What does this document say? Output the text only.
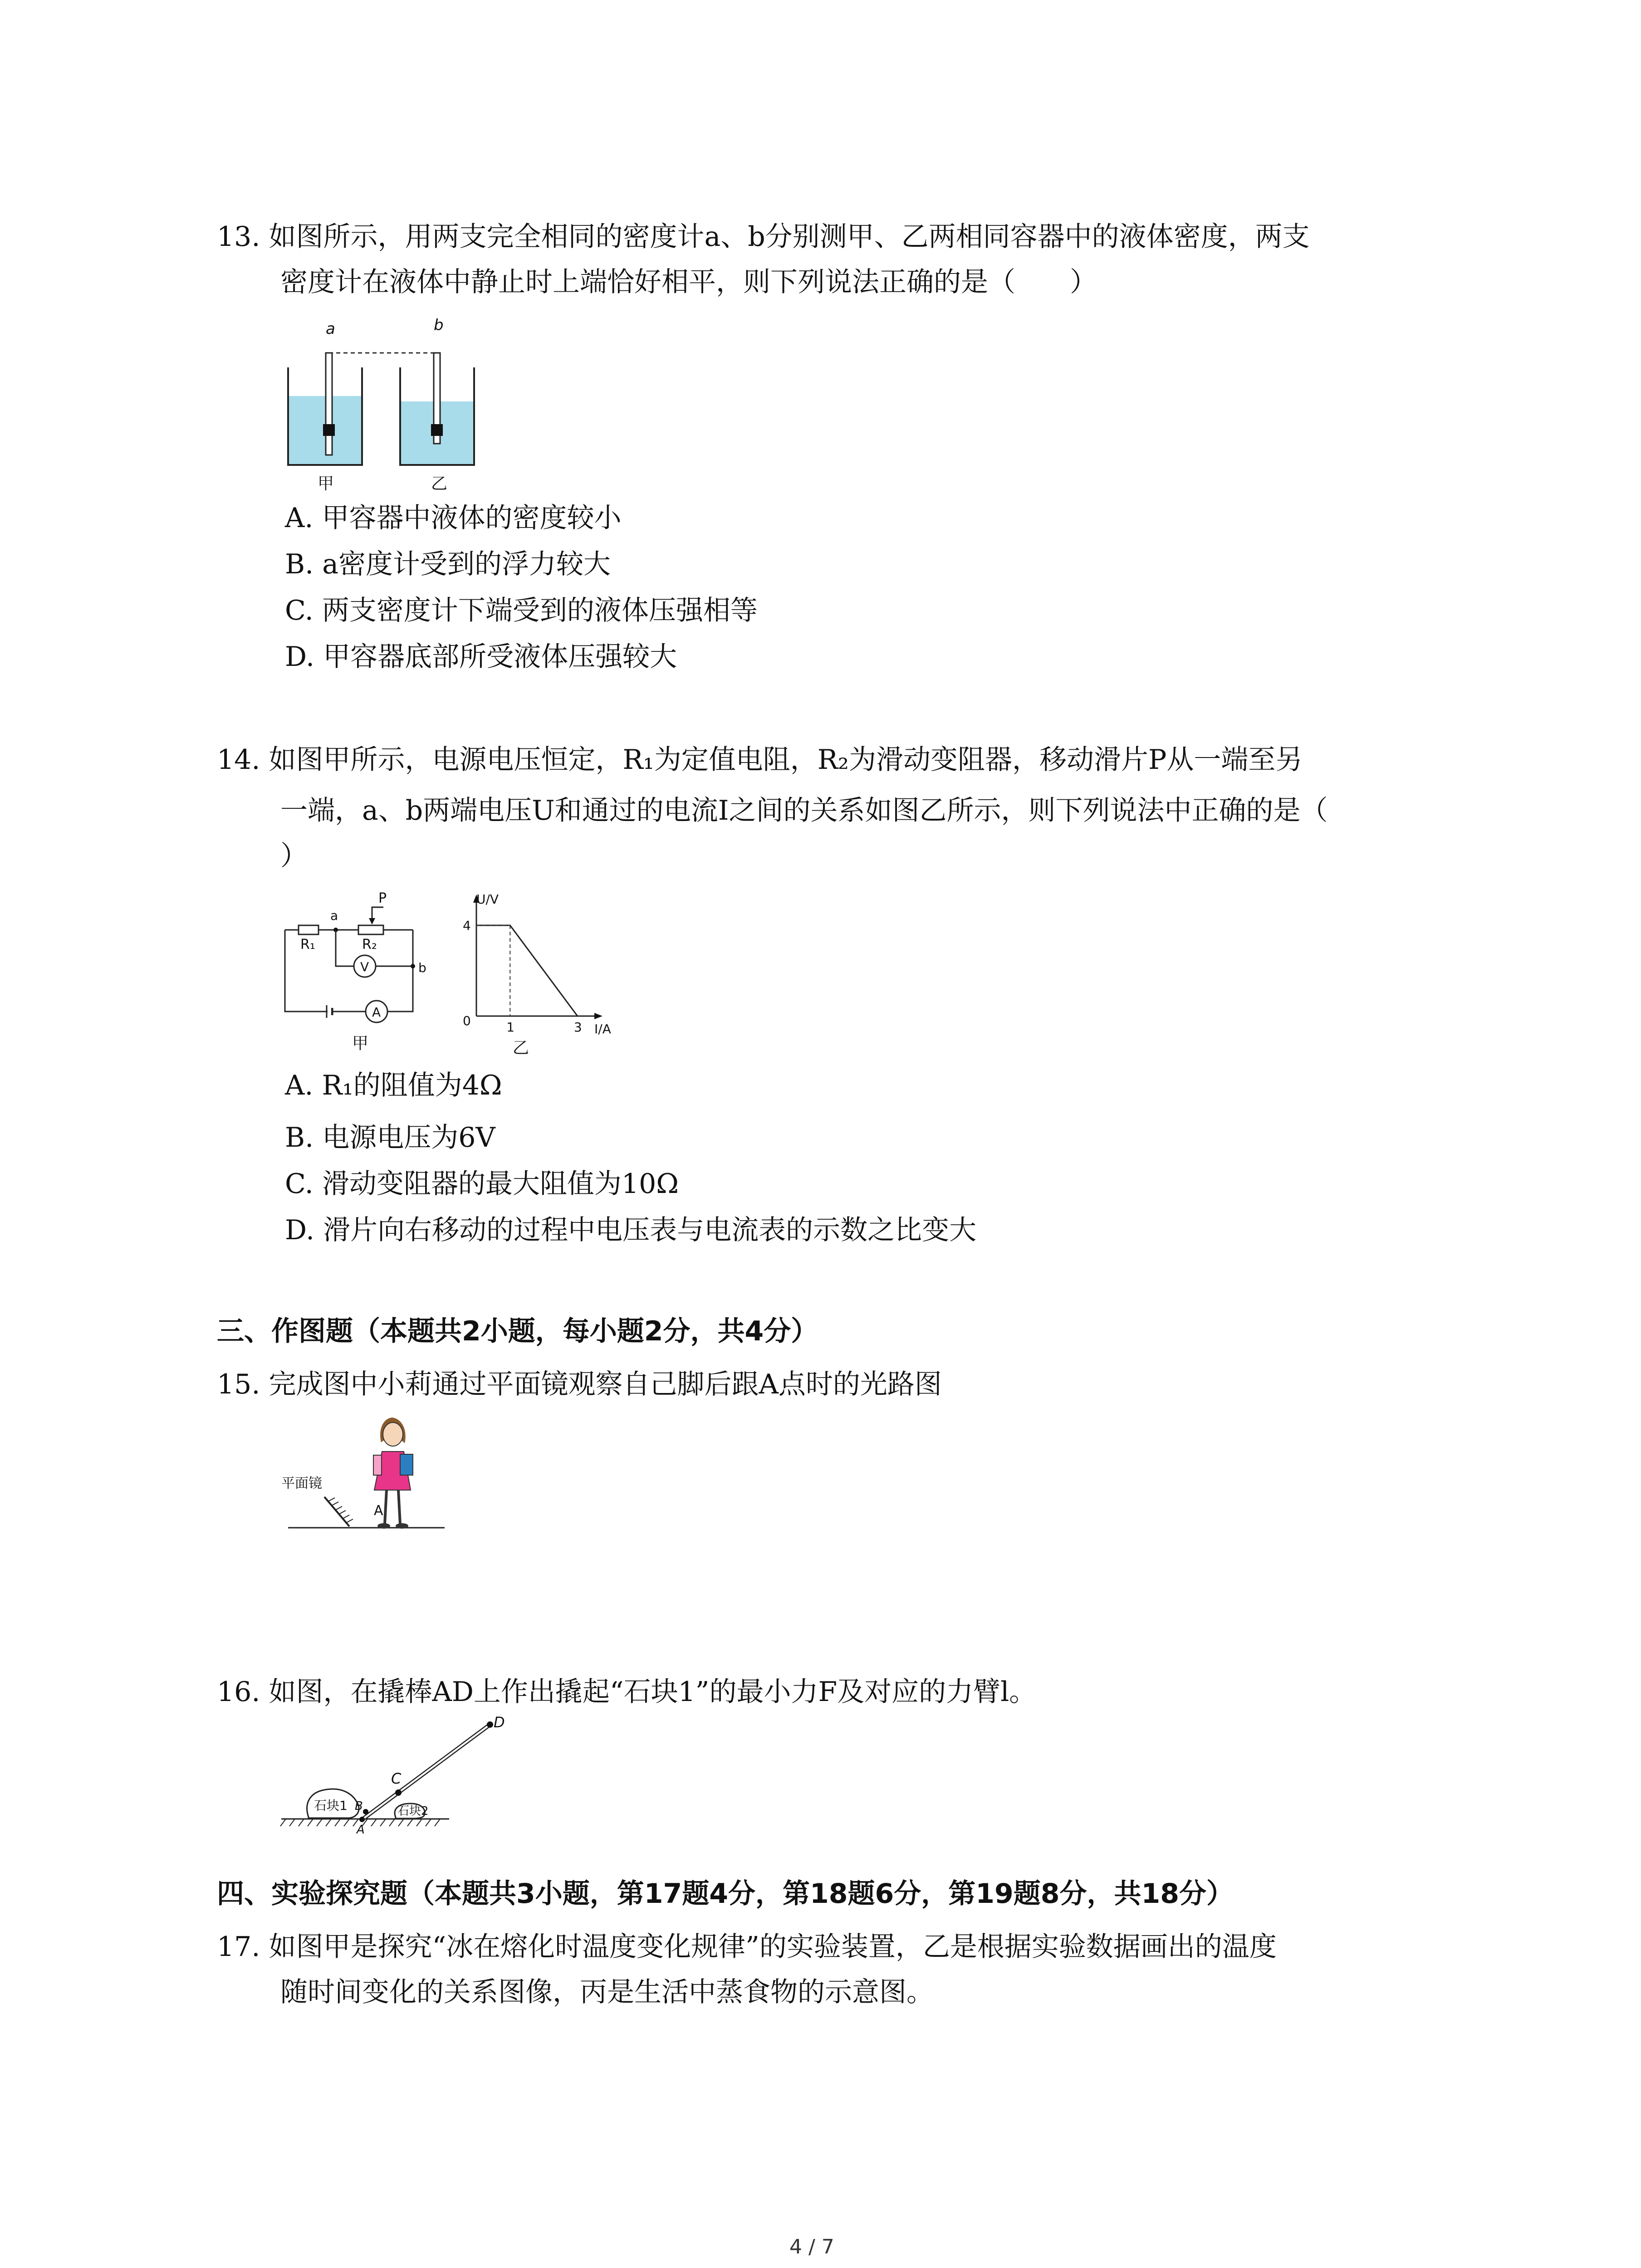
13. 如图所示，用两支完全相同的密度计a、b分别测甲、乙两相同容器中的液体密度，两支
密度计在液体中静止时上端恰好相平，则下列说法正确的是（　　）
a	b
甲	乙
A. 甲容器中液体的密度较小
B. a密度计受到的浮力较大
C. 两支密度计下端受到的液体压强相等
D. 甲容器底部所受液体压强较大
14. 如图甲所示，电源电压恒定，R₁为定值电阻，R₂为滑动变阻器，移动滑片P从一端至另
一端，a、b两端电压U和通过的电流I之间的关系如图乙所示，则下列说法中正确的是（
）
R₁
a
R₂
P
V	b
A
甲
U/V
I/A
0
4
1	3
乙
A. R₁的阻值为4Ω
B. 电源电压为6V
C. 滑动变阻器的最大阻值为10Ω
D. 滑片向右移动的过程中电压表与电流表的示数之比变大
三、作图题（本题共2小题，每小题2分，共4分）
15. 完成图中小莉通过平面镜观察自己脚后跟A点时的光路图
平面镜
A
16. 如图，在撬棒AD上作出撬起“石块1”的最小力F及对应的力臂l。
石块1	石块2
D
C
B
A
四、实验探究题（本题共3小题，第17题4分，第18题6分，第19题8分，共18分）
17. 如图甲是探究“冰在熔化时温度变化规律”的实验装置，乙是根据实验数据画出的温度
随时间变化的关系图像，丙是生活中蒸食物的示意图。
4 / 7
